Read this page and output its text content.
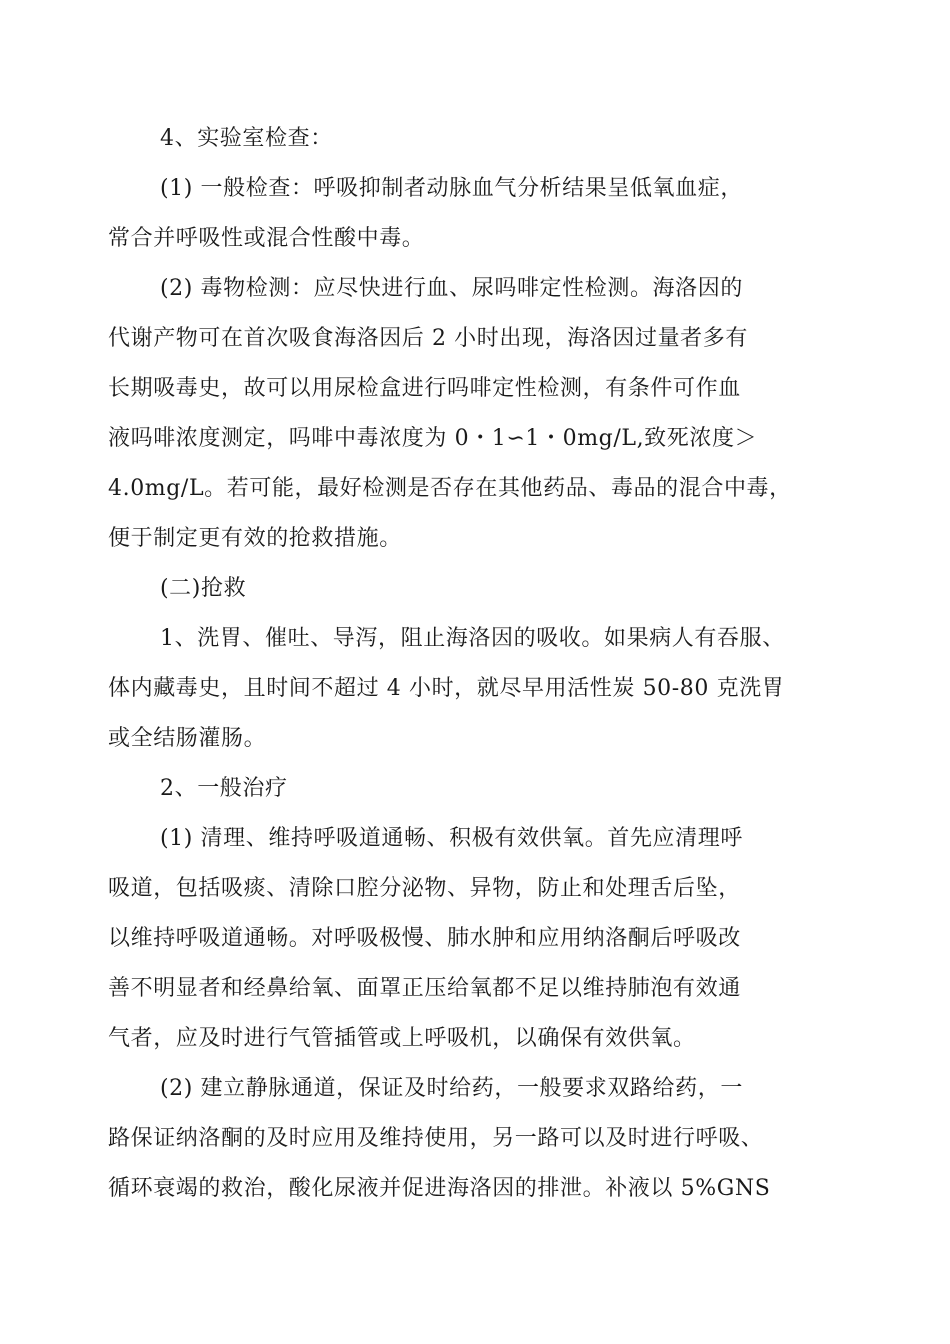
4、实验室检查：
(1) 一般检查：呼吸抑制者动脉血气分析结果呈低氧血症，
常合并呼吸性或混合性酸中毒。
(2) 毒物检测：应尽快进行血、尿吗啡定性检测。海洛因的
代谢产物可在首次吸食海洛因后 2 小时出现，海洛因过量者多有
长期吸毒史，故可以用尿检盒进行吗啡定性检测，有条件可作血
液吗啡浓度测定，吗啡中毒浓度为 0・1∽1・0mg/L,致死浓度＞
4.0mg/L。若可能，最好检测是否存在其他药品、毒品的混合中毒，
便于制定更有效的抢救措施。
(二)抢救
1、洗胃、催吐、导泻，阻止海洛因的吸收。如果病人有吞服、
体内藏毒史，且时间不超过 4 小时，就尽早用活性炭 50-80 克洗胃
或全结肠灌肠。
2、一般治疗
(1) 清理、维持呼吸道通畅、积极有效供氧。首先应清理呼
吸道，包括吸痰、清除口腔分泌物、异物，防止和处理舌后坠，
以维持呼吸道通畅。对呼吸极慢、肺水肿和应用纳洛酮后呼吸改
善不明显者和经鼻给氧、面罩正压给氧都不足以维持肺泡有效通
气者，应及时进行气管插管或上呼吸机，以确保有效供氧。
(2) 建立静脉通道，保证及时给药，一般要求双路给药，一
路保证纳洛酮的及时应用及维持使用，另一路可以及时进行呼吸、
循环衰竭的救治，酸化尿液并促进海洛因的排泄。补液以 5%GNS
